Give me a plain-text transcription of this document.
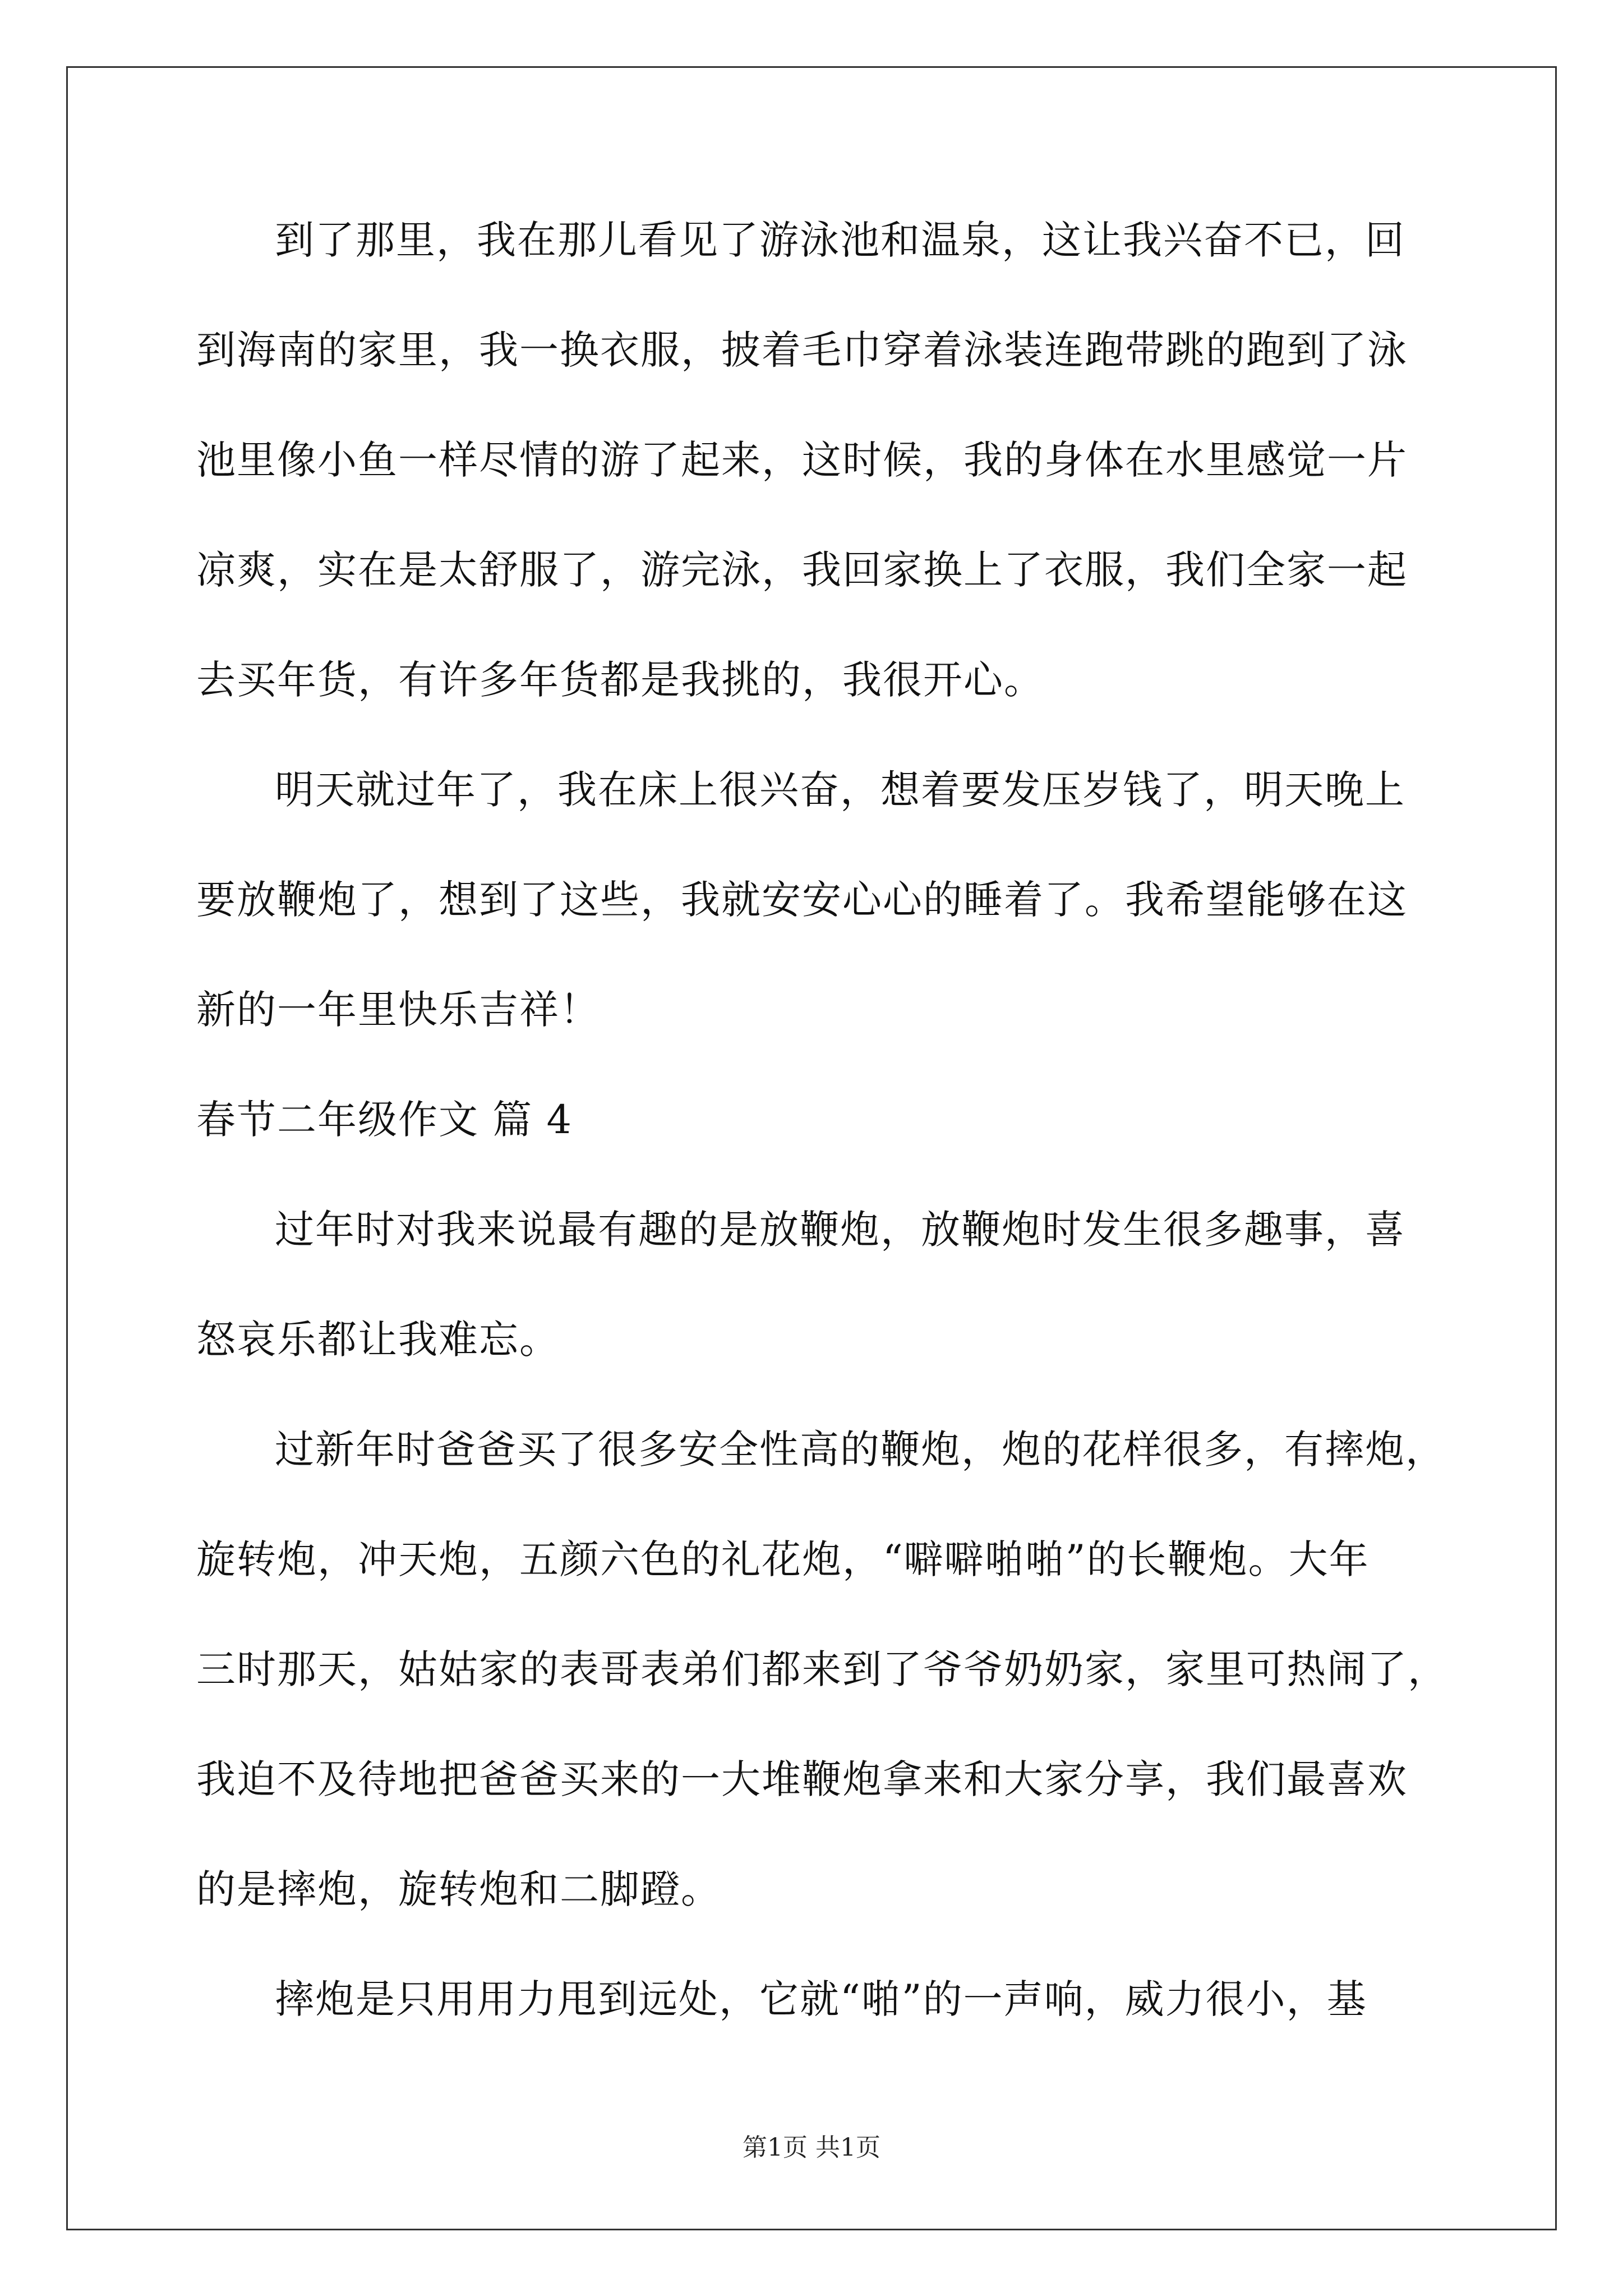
到了那里，我在那儿看见了游泳池和温泉，这让我兴奋不已，回
到海南的家里，我一换衣服，披着毛巾穿着泳装连跑带跳的跑到了泳
池里像小鱼一样尽情的游了起来，这时候，我的身体在水里感觉一片
凉爽，实在是太舒服了，游完泳，我回家换上了衣服，我们全家一起
去买年货，有许多年货都是我挑的，我很开心。
明天就过年了，我在床上很兴奋，想着要发压岁钱了，明天晚上
要放鞭炮了，想到了这些，我就安安心心的睡着了。我希望能够在这
新的一年里快乐吉祥！
春节二年级作文 篇 4
过年时对我来说最有趣的是放鞭炮，放鞭炮时发生很多趣事，喜
怒哀乐都让我难忘。
过新年时爸爸买了很多安全性高的鞭炮，炮的花样很多，有摔炮，
旋转炮，冲天炮，五颜六色的礼花炮，“噼噼啪啪”的长鞭炮。大年
三时那天，姑姑家的表哥表弟们都来到了爷爷奶奶家，家里可热闹了，
我迫不及待地把爸爸买来的一大堆鞭炮拿来和大家分享，我们最喜欢
的是摔炮，旋转炮和二脚蹬。
摔炮是只用用力甩到远处，它就“啪”的一声响，威力很小，基
第1页 共1页
